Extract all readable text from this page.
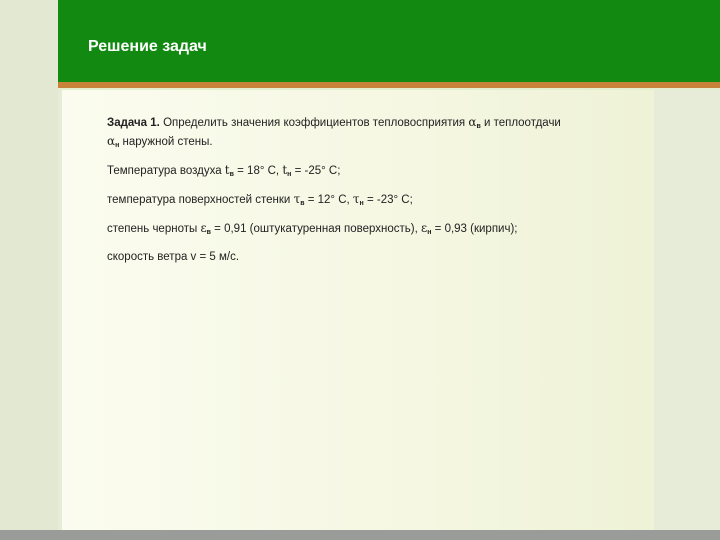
Решение задач

Задача 1. Определить значения коэффициентов тепловосприятия αв и теплоотдачи
αн наружной стены.

Температура воздуха tв = 18° С, tн = -25° С;

температура поверхностей стенки τв = 12° С, τн = -23° С;

степень черноты εв = 0,91 (оштукатуренная поверхность), εн = 0,93 (кирпич);

скорость ветра v = 5 м/с.
